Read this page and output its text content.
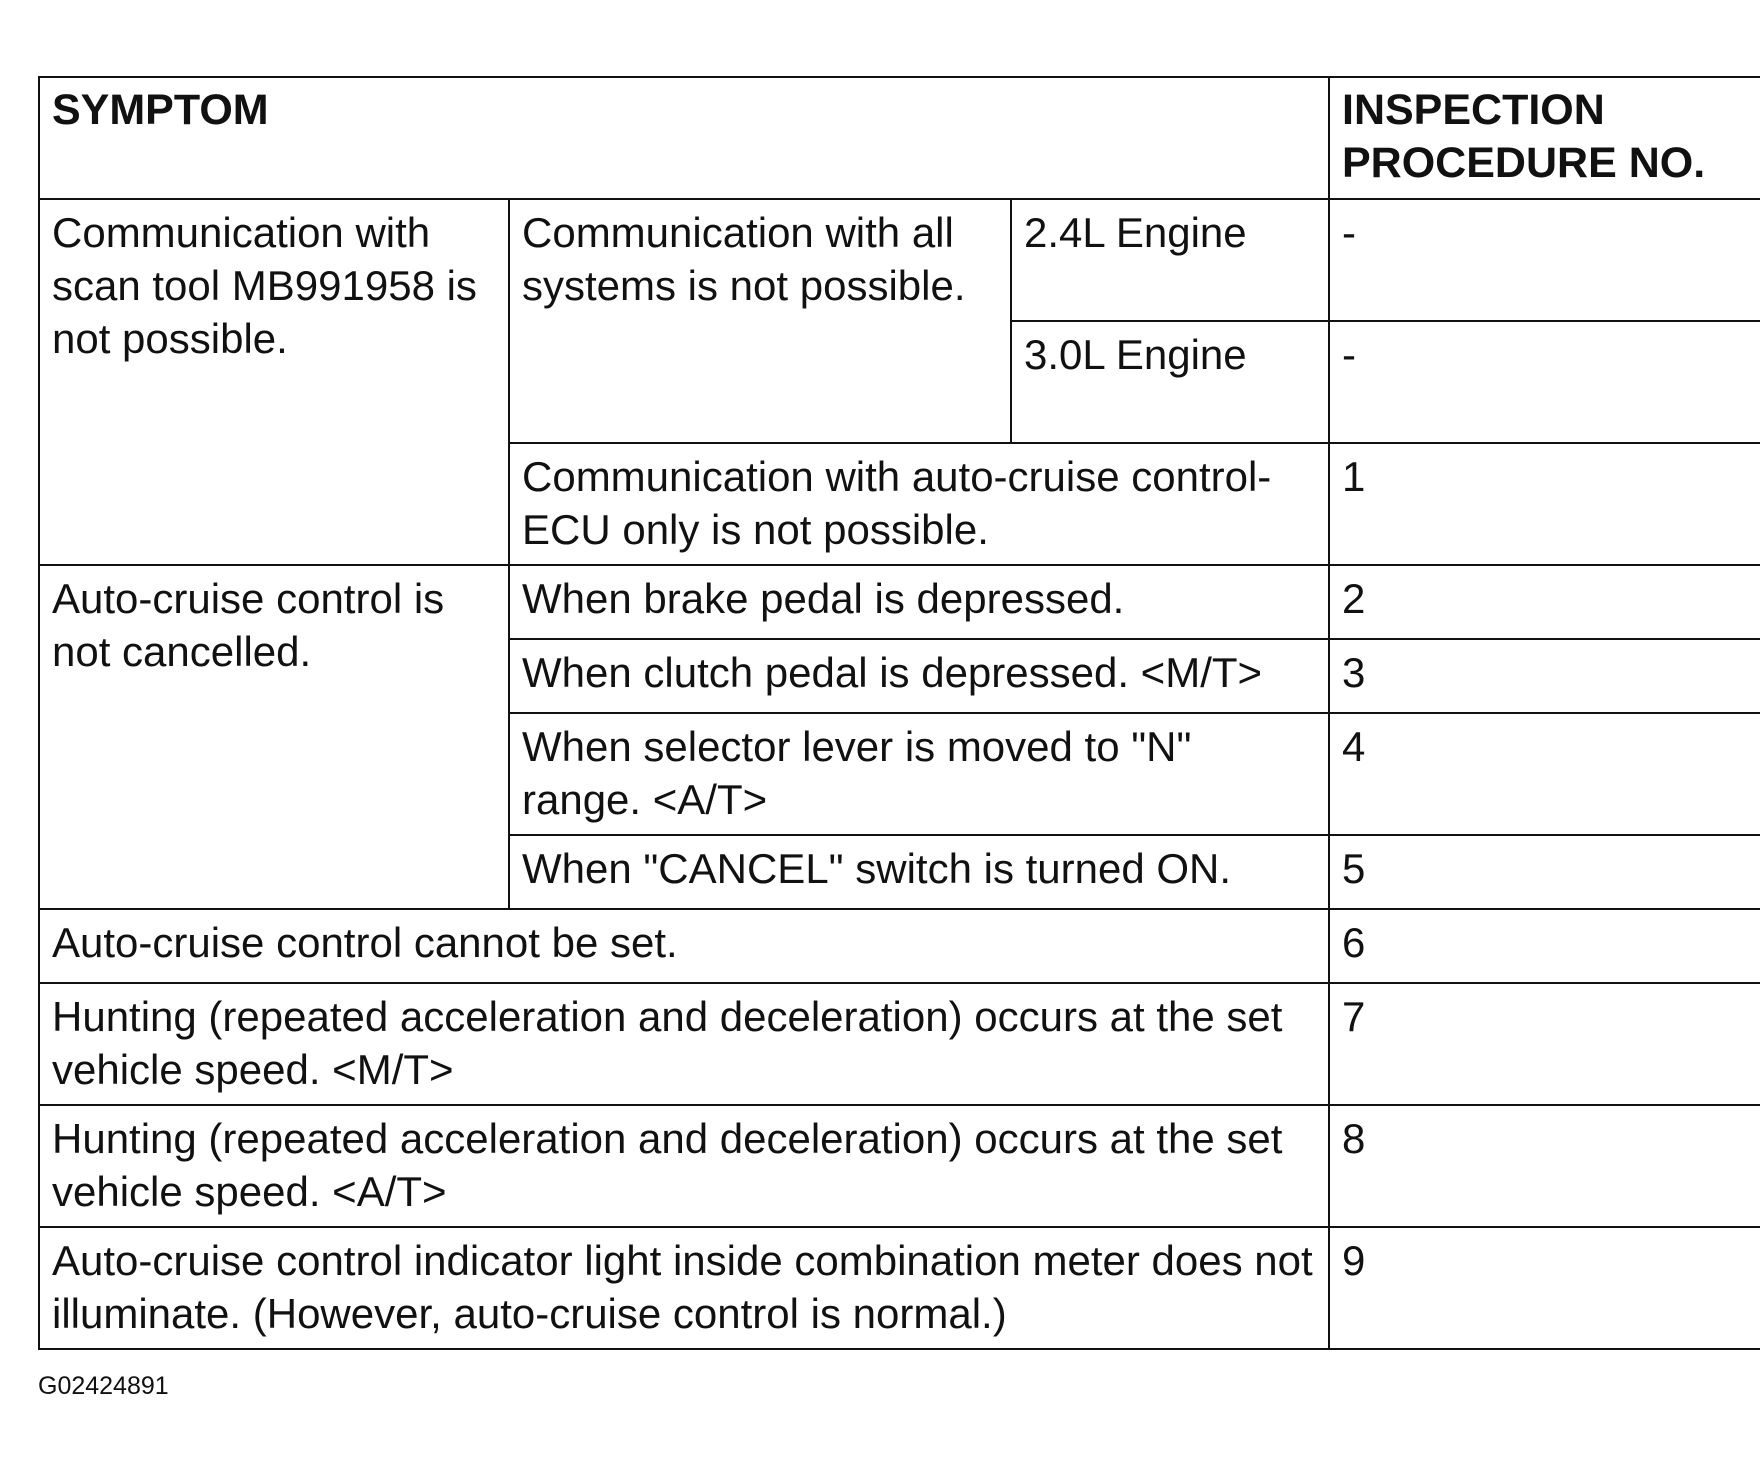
SYMPTOM			INSPECTION PROCEDURE NO.
Communication with scan tool MB991958 is not possible.	Communication with all systems is not possible.	2.4L Engine	-
		3.0L Engine	-
	Communication with auto-cruise control-ECU only is not possible.		1
Auto-cruise control is not cancelled.	When brake pedal is depressed.		2
	When clutch pedal is depressed. <M/T>		3
	When selector lever is moved to "N" range. <A/T>		4
	When "CANCEL" switch is turned ON.		5
Auto-cruise control cannot be set.			6
Hunting (repeated acceleration and deceleration) occurs at the set vehicle speed. <M/T>			7
Hunting (repeated acceleration and deceleration) occurs at the set vehicle speed. <A/T>			8
Auto-cruise control indicator light inside combination meter does not illuminate. (However, auto-cruise control is normal.)			9
G02424891
